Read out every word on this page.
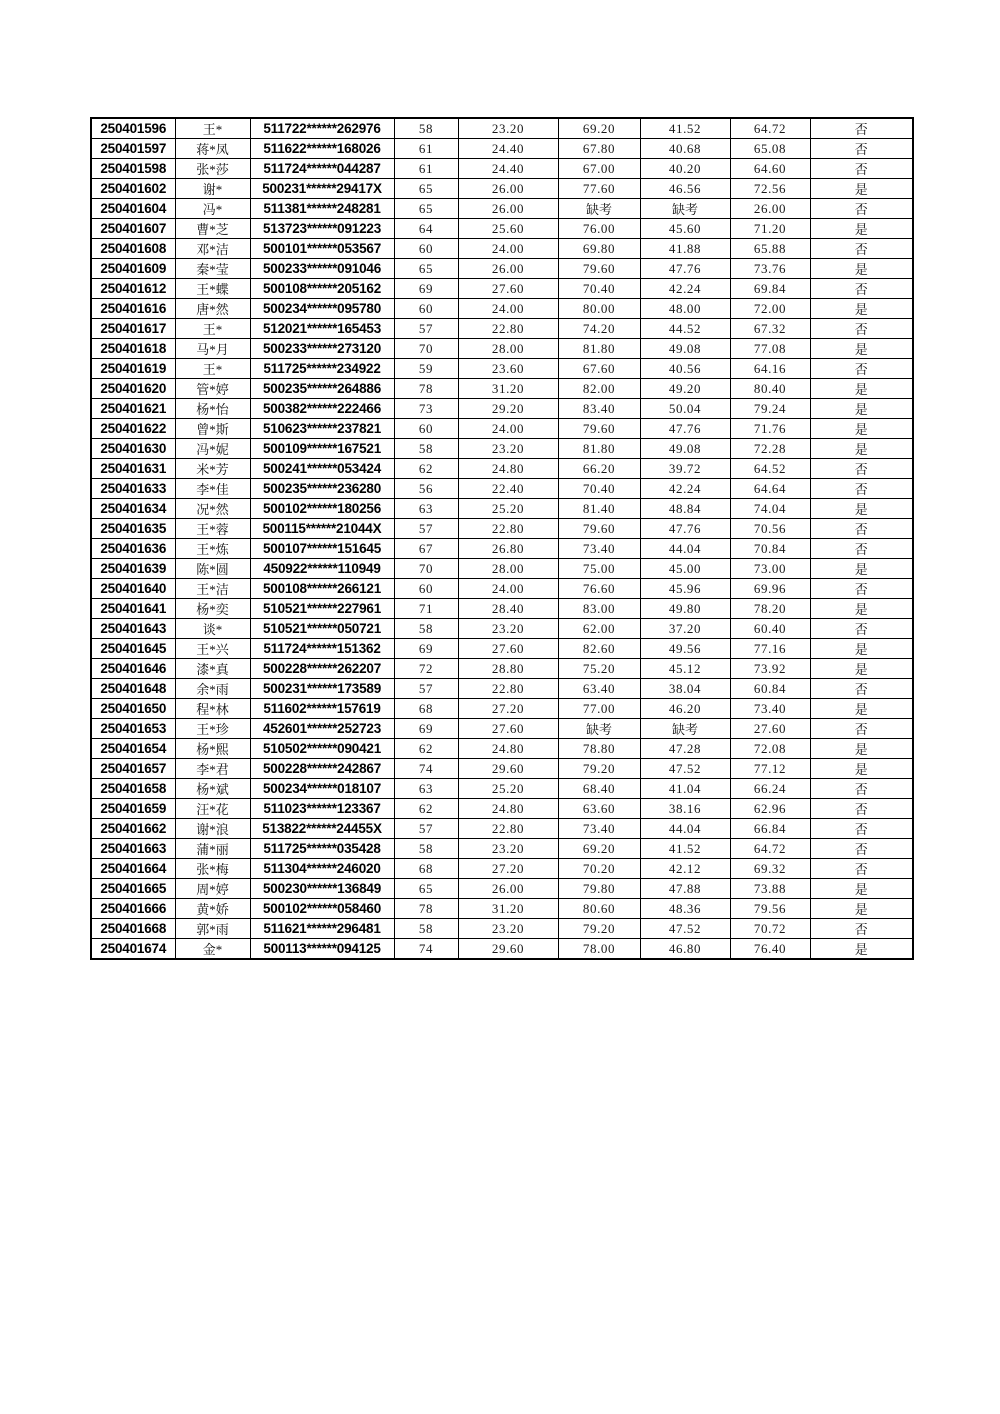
250401596	王*	511722******262976	58	23.20	69.20	41.52	64.72	否
250401597	蒋*凤	511622******168026	61	24.40	67.80	40.68	65.08	否
250401598	张*莎	511724******044287	61	24.40	67.00	40.20	64.60	否
250401602	谢*	500231******29417X	65	26.00	77.60	46.56	72.56	是
250401604	冯*	511381******248281	65	26.00	缺考	缺考	26.00	否
250401607	曹*芝	513723******091223	64	25.60	76.00	45.60	71.20	是
250401608	邓*洁	500101******053567	60	24.00	69.80	41.88	65.88	否
250401609	秦*莹	500233******091046	65	26.00	79.60	47.76	73.76	是
250401612	王*蝶	500108******205162	69	27.60	70.40	42.24	69.84	否
250401616	唐*然	500234******095780	60	24.00	80.00	48.00	72.00	是
250401617	王*	512021******165453	57	22.80	74.20	44.52	67.32	否
250401618	马*月	500233******273120	70	28.00	81.80	49.08	77.08	是
250401619	王*	511725******234922	59	23.60	67.60	40.56	64.16	否
250401620	管*婷	500235******264886	78	31.20	82.00	49.20	80.40	是
250401621	杨*怡	500382******222466	73	29.20	83.40	50.04	79.24	是
250401622	曾*斯	510623******237821	60	24.00	79.60	47.76	71.76	是
250401630	冯*妮	500109******167521	58	23.20	81.80	49.08	72.28	是
250401631	米*芳	500241******053424	62	24.80	66.20	39.72	64.52	否
250401633	李*佳	500235******236280	56	22.40	70.40	42.24	64.64	否
250401634	况*然	500102******180256	63	25.20	81.40	48.84	74.04	是
250401635	王*蓉	500115******21044X	57	22.80	79.60	47.76	70.56	否
250401636	王*炼	500107******151645	67	26.80	73.40	44.04	70.84	否
250401639	陈*圆	450922******110949	70	28.00	75.00	45.00	73.00	是
250401640	王*洁	500108******266121	60	24.00	76.60	45.96	69.96	否
250401641	杨*奕	510521******227961	71	28.40	83.00	49.80	78.20	是
250401643	谈*	510521******050721	58	23.20	62.00	37.20	60.40	否
250401645	王*兴	511724******151362	69	27.60	82.60	49.56	77.16	是
250401646	漆*真	500228******262207	72	28.80	75.20	45.12	73.92	是
250401648	余*雨	500231******173589	57	22.80	63.40	38.04	60.84	否
250401650	程*林	511602******157619	68	27.20	77.00	46.20	73.40	是
250401653	王*珍	452601******252723	69	27.60	缺考	缺考	27.60	否
250401654	杨*熙	510502******090421	62	24.80	78.80	47.28	72.08	是
250401657	李*君	500228******242867	74	29.60	79.20	47.52	77.12	是
250401658	杨*斌	500234******018107	63	25.20	68.40	41.04	66.24	否
250401659	汪*花	511023******123367	62	24.80	63.60	38.16	62.96	否
250401662	谢*浪	513822******24455X	57	22.80	73.40	44.04	66.84	否
250401663	蒲*丽	511725******035428	58	23.20	69.20	41.52	64.72	否
250401664	张*梅	511304******246020	68	27.20	70.20	42.12	69.32	否
250401665	周*婷	500230******136849	65	26.00	79.80	47.88	73.88	是
250401666	黄*娇	500102******058460	78	31.20	80.60	48.36	79.56	是
250401668	郭*雨	511621******296481	58	23.20	79.20	47.52	70.72	否
250401674	金*	500113******094125	74	29.60	78.00	46.80	76.40	是
